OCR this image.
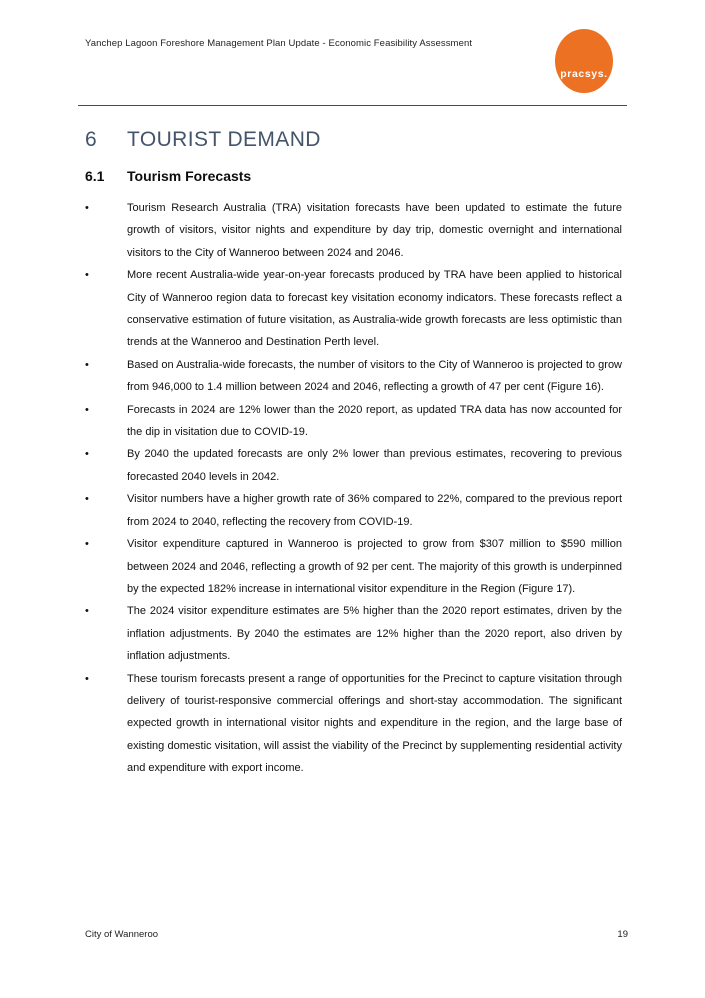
Yanchep Lagoon Foreshore Management Plan Update - Economic Feasibility Assessment
pracsys.
6 TOURIST DEMAND
6.1 Tourism Forecasts
•	Tourism Research Australia (TRA) visitation forecasts have been updated to estimate the future growth of visitors, visitor nights and expenditure by day trip, domestic overnight and international visitors to the City of Wanneroo between 2024 and 2046.

•	More recent Australia-wide year-on-year forecasts produced by TRA have been applied to historical City of Wanneroo region data to forecast key visitation economy indicators. These forecasts reflect a conservative estimation of future visitation, as Australia-wide growth forecasts are less optimistic than trends at the Wanneroo and Destination Perth level.

•	Based on Australia-wide forecasts, the number of visitors to the City of Wanneroo is projected to grow from 946,000 to 1.4 million between 2024 and 2046, reflecting a growth of 47 per cent (Figure 16).

•	Forecasts in 2024 are 12% lower than the 2020 report, as updated TRA data has now accounted for the dip in visitation due to COVID-19.

•	By 2040 the updated forecasts are only 2% lower than previous estimates, recovering to previous forecasted 2040 levels in 2042.

•	Visitor numbers have a higher growth rate of 36% compared to 22%, compared to the previous report from 2024 to 2040, reflecting the recovery from COVID-19.

•	Visitor expenditure captured in Wanneroo is projected to grow from $307 million to $590 million between 2024 and 2046, reflecting a growth of 92 per cent. The majority of this growth is underpinned by the expected 182% increase in international visitor expenditure in the Region (Figure 17).

•	The 2024 visitor expenditure estimates are 5% higher than the 2020 report estimates, driven by the inflation adjustments. By 2040 the estimates are 12% higher than the 2020 report, also driven by inflation adjustments.

•	These tourism forecasts present a range of opportunities for the Precinct to capture visitation through delivery of tourist-responsive commercial offerings and short-stay accommodation. The significant expected growth in international visitor nights and expenditure in the region, and the large base of existing domestic visitation, will assist the viability of the Precinct by supplementing residential activity and expenditure with export income.

City of Wanneroo	19
